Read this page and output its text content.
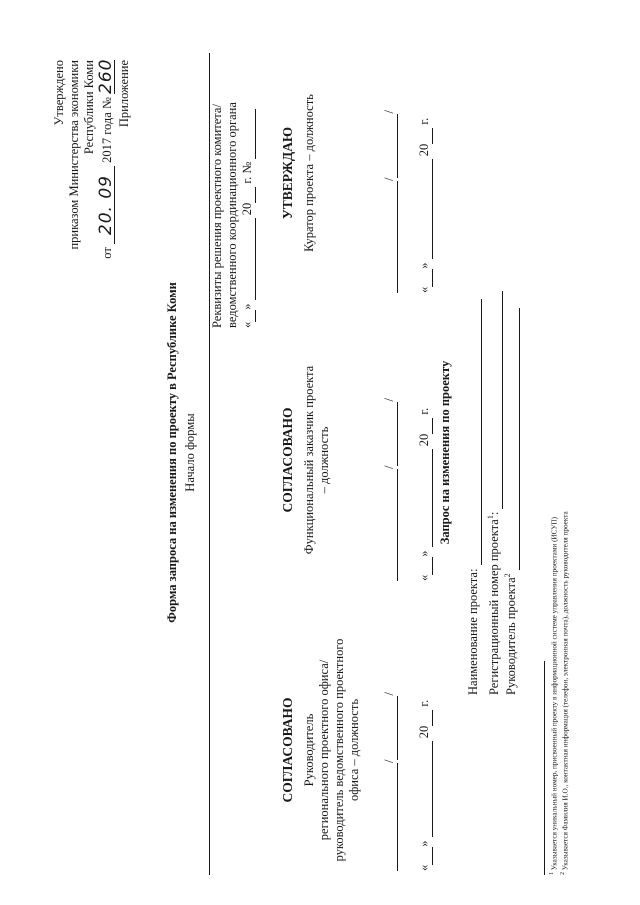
Утверждено приказом Министерства экономики Республики Коми
от 20. 09 2017 года № 260 Приложение
Форма запроса на изменения по проекту в Республике Коми Начало формы
Реквизиты решения проектного комитета/ ведомственного координационного органа « »   20  г. №
СОГЛАСОВАНО Руководитель регионального проектного офиса/ руководитель ведомственного проектного офиса – должность / /
« »   20  г.
СОГЛАСОВАНО Функциональный заказчик проекта – должность	/ /
« »   20  г.
УТВЕРЖДАЮ Куратор проекта – должность	/ /
« »   20  г.
Запрос на изменения по проекту
Наименование проекта: Регистрационный номер проекта$^1$:
Руководитель проекта$^2$
$^1$ Указывается уникальный номер, присвоенный проекту в информационной системе управления проектами (ИСУП)
$^2$ Указывается Фамилия И.О., контактная информация (телефон, электронная почта), должность руководителя проекта
